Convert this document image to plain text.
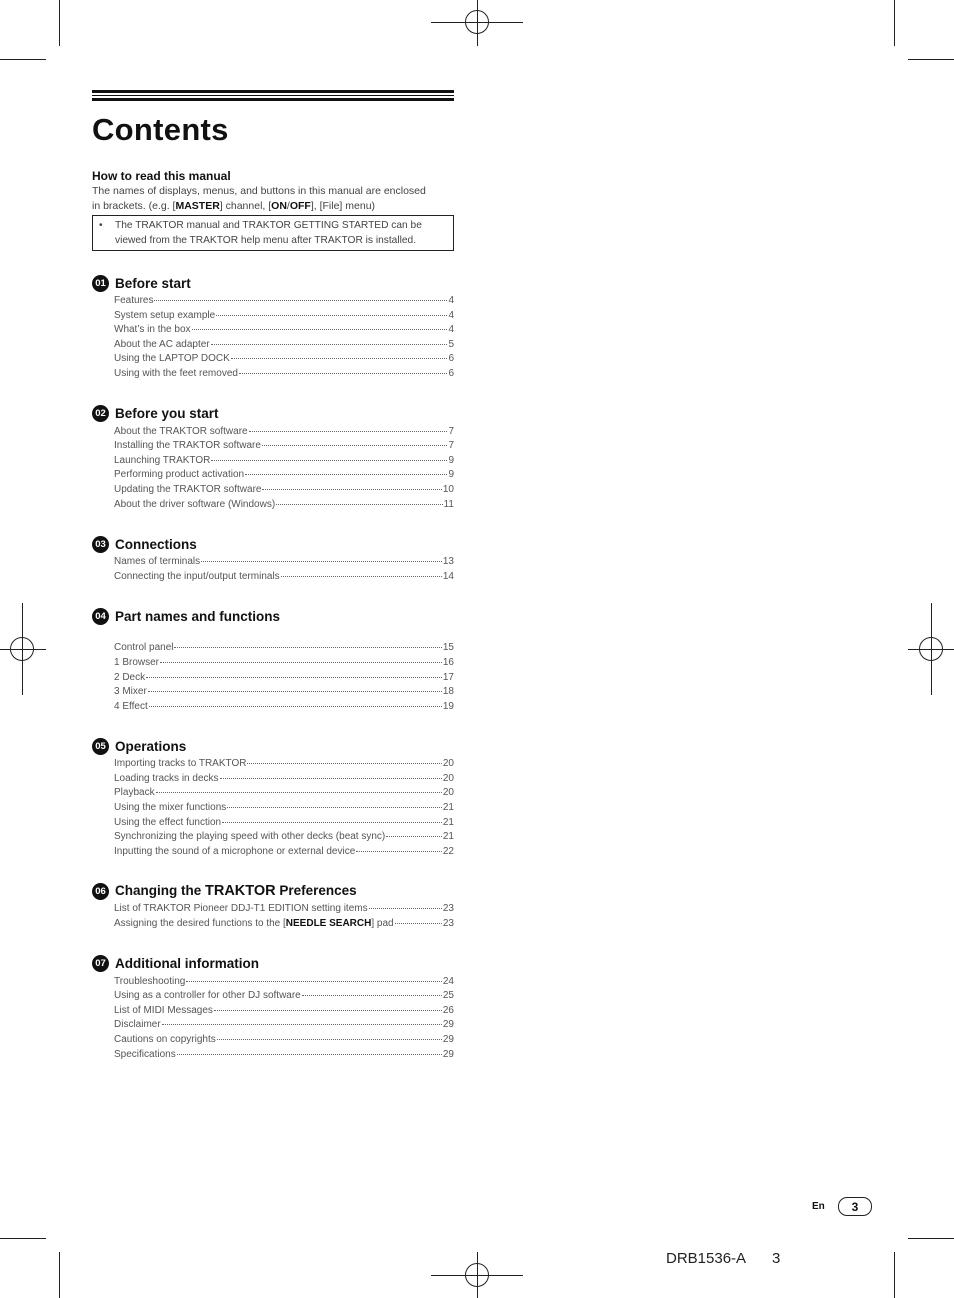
Contents
How to read this manual
The names of displays, menus, and buttons in this manual are enclosed
in brackets. (e.g. [MASTER] channel, [ON/OFF], [File] menu)
•	The TRAKTOR manual and TRAKTOR GETTING STARTED can be
viewed from the TRAKTOR help menu after TRAKTOR is installed.
01 Before start
Features	4
System setup example	4
What’s in the box	4
About the AC adapter	5
Using the LAPTOP DOCK	6
Using with the feet removed	6
02 Before you start
About the TRAKTOR software	7
Installing the TRAKTOR software	7
Launching TRAKTOR	9
Performing product activation	9
Updating the TRAKTOR software	10
About the driver software (Windows)	11
03 Connections
Names of terminals	13
Connecting the input/output terminals	14
04 Part names and functions
Control panel	15
1 Browser	16
2 Deck	17
3 Mixer	18
4 Effect	19
05 Operations
Importing tracks to TRAKTOR	20
Loading tracks in decks	20
Playback	20
Using the mixer functions	21
Using the effect function	21
Synchronizing the playing speed with other decks (beat sync)	21
Inputting the sound of a microphone or external device	22
06 Changing the TRAKTOR Preferences
List of TRAKTOR Pioneer DDJ-T1 EDITION setting items	23
Assigning the desired functions to the [NEEDLE SEARCH] pad	23
07 Additional information
Troubleshooting	24
Using as a controller for other DJ software	25
List of MIDI Messages	26
Disclaimer	29
Cautions on copyrights	29
Specifications	29
En	3
DRB1536-A 3
